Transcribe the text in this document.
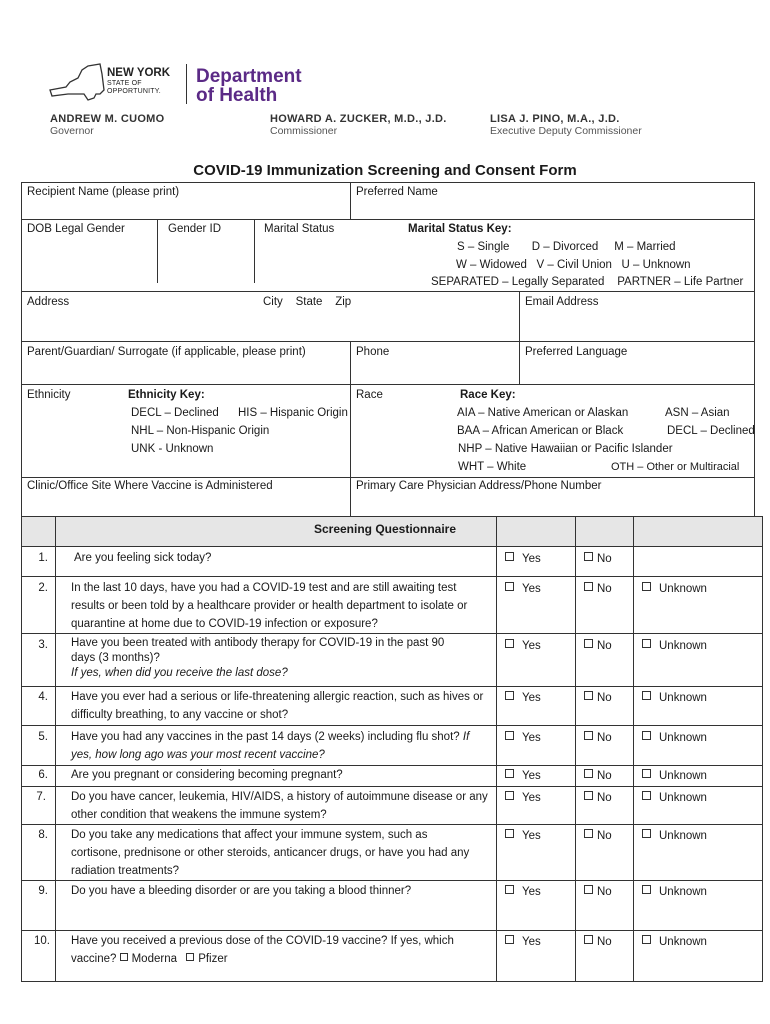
NEW YORK
STATE OF
OPPORTUNITY.
Department
of Health
ANDREW M. CUOMO
Governor
HOWARD A. ZUCKER, M.D., J.D.
Commissioner
LISA J. PINO, M.A., J.D.
Executive Deputy Commissioner
COVID-19 Immunization Screening and Consent Form
Recipient Name (please print)	Preferred Name
DOB Legal Gender	Gender ID	Marital Status	Marital Status Key:
S – Single       D – Divorced     M – Married
W – Widowed   V – Civil Union   U – Unknown
SEPARATED – Legally Separated    PARTNER – Life Partner
Address	City    State    Zip	Email Address
Parent/Guardian/ Surrogate (if applicable, please print)	Phone	Preferred Language
Ethnicity	Ethnicity Key:
DECL – Declined      HIS – Hispanic Origin
NHL – Non-Hispanic Origin
UNK - Unknown
Race	Race Key:
AIA – Native American or Alaskan	ASN – Asian
BAA – African American or Black	DECL – Declined
NHP – Native Hawaiian or Pacific Islander
WHT – White	OTH – Other or Multiracial
Clinic/Office Site Where Vaccine is Administered	Primary Care Physician Address/Phone Number
Screening Questionnaire
1. Are you feeling sick today?	Yes	No
2. In the last 10 days, have you had a COVID-19 test and are still awaiting test results or been told by a healthcare provider or health department to isolate or quarantine at home due to COVID-19 infection or exposure?
Yes	No	Unknown
3. Have you been treated with antibody therapy for COVID-19 in the past 90 days (3 months)?
If yes, when did you receive the last dose?
Yes	No	Unknown
4. Have you ever had a serious or life-threatening allergic reaction, such as hives or difficulty breathing, to any vaccine or shot?
Yes	No	Unknown
5. Have you had any vaccines in the past 14 days (2 weeks) including flu shot? If yes, how long ago was your most recent vaccine?
Yes	No	Unknown
6. Are you pregnant or considering becoming pregnant?	Yes	No	Unknown
7. Do you have cancer, leukemia, HIV/AIDS, a history of autoimmune disease or any other condition that weakens the immune system?
Yes	No	Unknown
8. Do you take any medications that affect your immune system, such as cortisone, prednisone or other steroids, anticancer drugs, or have you had any radiation treatments?
Yes	No	Unknown
9. Do you have a bleeding disorder or are you taking a blood thinner?	Yes	No	Unknown
10. Have you received a previous dose of the COVID-19 vaccine? If yes, which vaccine? Moderna Pfizer
Yes	No	Unknown
